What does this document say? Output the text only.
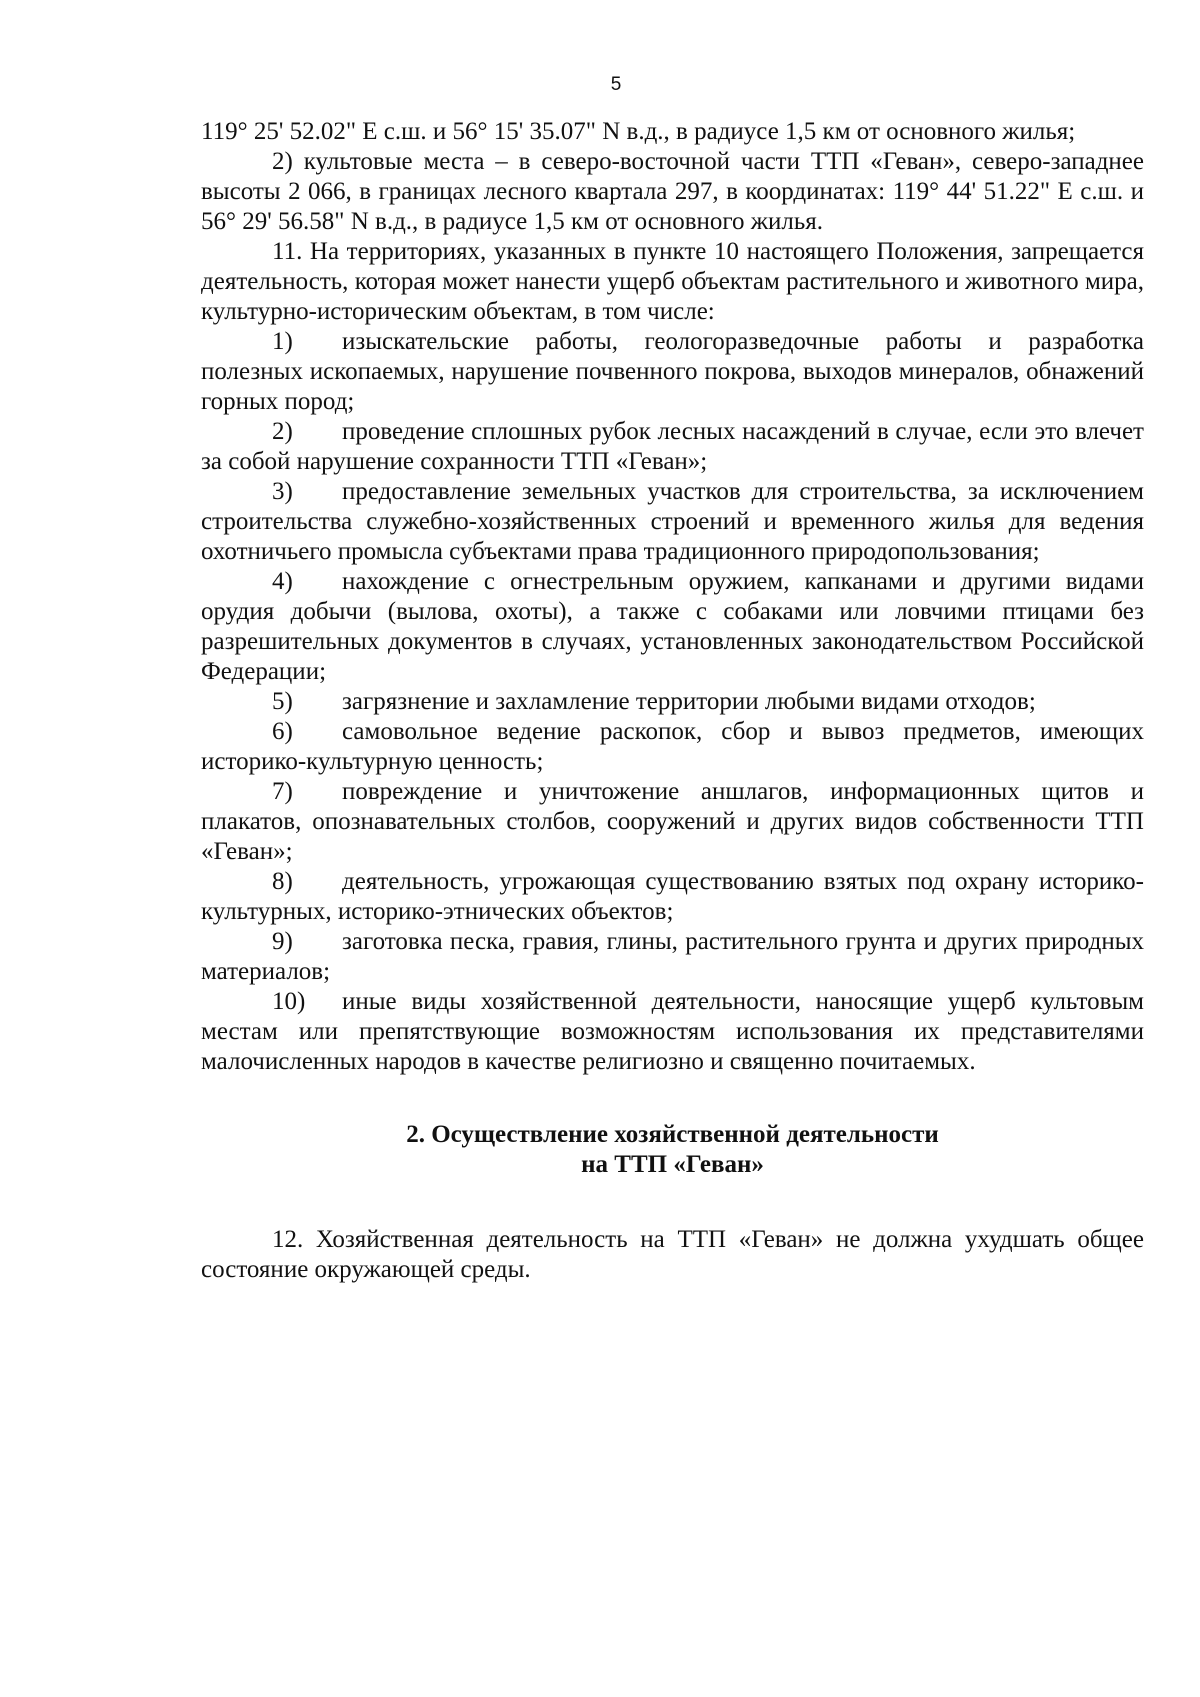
5

119° 25' 52.02" E с.ш. и 56° 15' 35.07" N в.д., в радиусе 1,5 км от основного жилья;

2) культовые места – в северо-восточной части ТТП «Геван», северо-западнее высоты 2 066, в границах лесного квартала 297, в координатах: 119° 44' 51.22" E с.ш. и 56° 29' 56.58" N в.д., в радиусе 1,5 км от основного жилья.

11. На территориях, указанных в пункте 10 настоящего Положения, запрещается деятельность, которая может нанести ущерб объектам растительного и животного мира, культурно-историческим объектам, в том числе:

1) изыскательские работы, геологоразведочные работы и разработка полезных ископаемых, нарушение почвенного покрова, выходов минералов, обнажений горных пород;

2) проведение сплошных рубок лесных насаждений в случае, если это влечет за собой нарушение сохранности ТТП «Геван»;

3) предоставление земельных участков для строительства, за исключением строительства служебно-хозяйственных строений и временного жилья для ведения охотничьего промысла субъектами права традиционного природопользования;

4) нахождение с огнестрельным оружием, капканами и другими видами орудия добычи (вылова, охоты), а также с собаками или ловчими птицами без разрешительных документов в случаях, установленных законодательством Российской Федерации;

5) загрязнение и захламление территории любыми видами отходов;

6) самовольное ведение раскопок, сбор и вывоз предметов, имеющих историко-культурную ценность;

7) повреждение и уничтожение аншлагов, информационных щитов и плакатов, опознавательных столбов, сооружений и других видов собственности ТТП «Геван»;

8) деятельность, угрожающая существованию взятых под охрану историко-культурных, историко-этнических объектов;

9) заготовка песка, гравия, глины, растительного грунта и других природных материалов;

10) иные виды хозяйственной деятельности, наносящие ущерб культовым местам или препятствующие возможностям использования их представителями малочисленных народов в качестве религиозно и священно почитаемых.

2. Осуществление хозяйственной деятельности
на ТТП «Геван»

12. Хозяйственная деятельность на ТТП «Геван» не должна ухудшать общее состояние окружающей среды.
